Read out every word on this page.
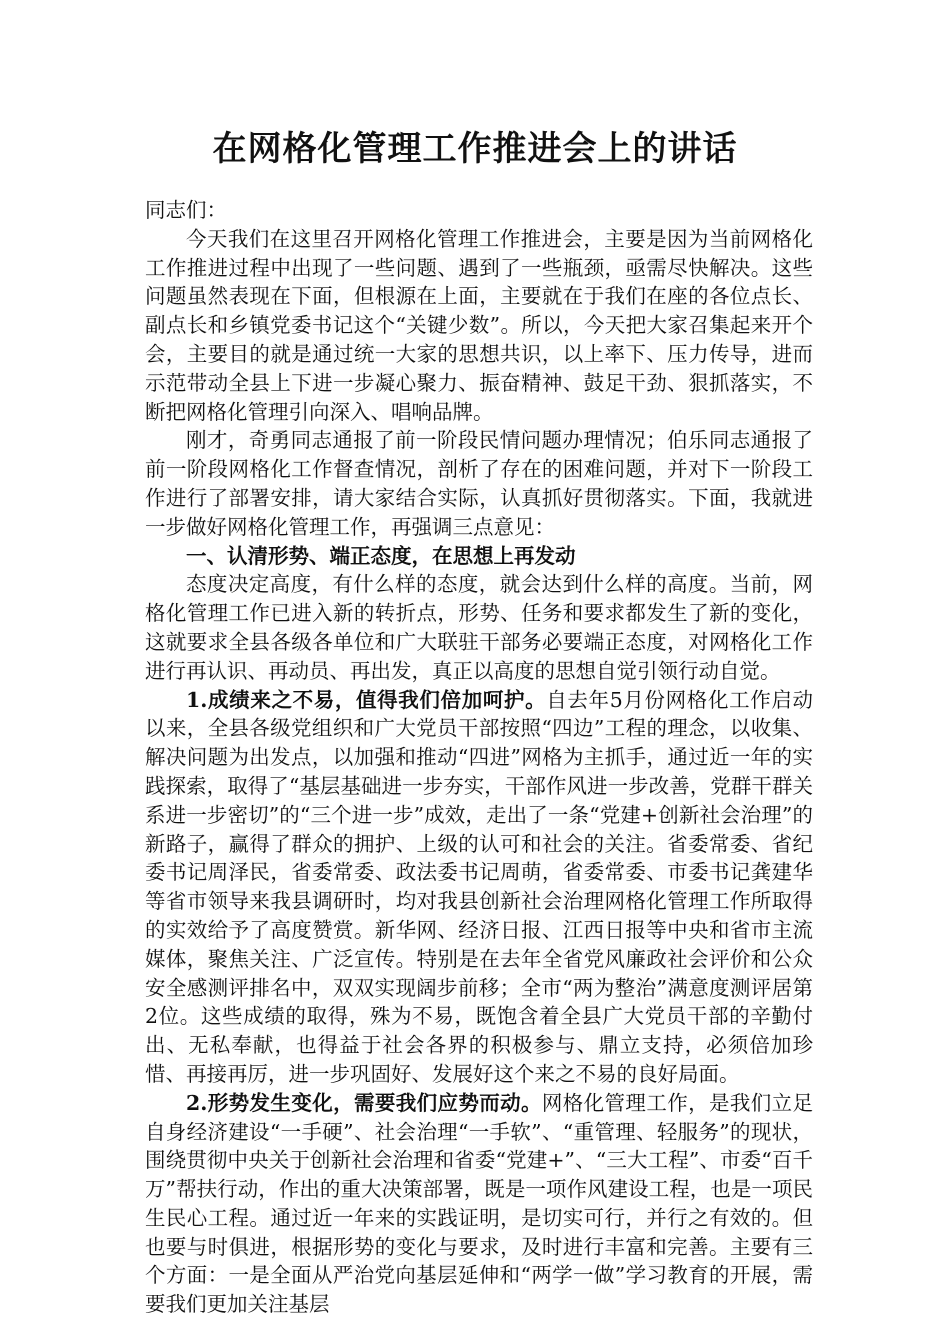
在网格化管理工作推进会上的讲话

同志们：

今天我们在这里召开网格化管理工作推进会，主要是因为当前网格化工作推进过程中出现了一些问题、遇到了一些瓶颈，亟需尽快解决。这些问题虽然表现在下面，但根源在上面，主要就在于我们在座的各位点长、副点长和乡镇党委书记这个“关键少数”。所以，今天把大家召集起来开个会，主要目的就是通过统一大家的思想共识，以上率下、压力传导，进而示范带动全县上下进一步凝心聚力、振奋精神、鼓足干劲、狠抓落实，不断把网格化管理引向深入、唱响品牌。

刚才，奇勇同志通报了前一阶段民情问题办理情况；伯乐同志通报了前一阶段网格化工作督查情况，剖析了存在的困难问题，并对下一阶段工作进行了部署安排，请大家结合实际，认真抓好贯彻落实。下面，我就进一步做好网格化管理工作，再强调三点意见：

一、认清形势、端正态度，在思想上再发动

态度决定高度，有什么样的态度，就会达到什么样的高度。当前，网格化管理工作已进入新的转折点，形势、任务和要求都发生了新的变化，这就要求全县各级各单位和广大联驻干部务必要端正态度，对网格化工作进行再认识、再动员、再出发，真正以高度的思想自觉引领行动自觉。

1.成绩来之不易，值得我们倍加呵护。自去年5月份网格化工作启动以来，全县各级党组织和广大党员干部按照“四边”工程的理念，以收集、解决问题为出发点，以加强和推动“四进”网格为主抓手，通过近一年的实践探索，取得了“基层基础进一步夯实，干部作风进一步改善，党群干群关系进一步密切”的“三个进一步”成效，走出了一条“党建+创新社会治理”的新路子，赢得了群众的拥护、上级的认可和社会的关注。省委常委、省纪委书记周泽民，省委常委、政法委书记周萌，省委常委、市委书记龚建华等省市领导来我县调研时，均对我县创新社会治理网格化管理工作所取得的实效给予了高度赞赏。新华网、经济日报、江西日报等中央和省市主流媒体，聚焦关注、广泛宣传。特别是在去年全省党风廉政社会评价和公众安全感测评排名中，双双实现阔步前移；全市“两为整治”满意度测评居第2位。这些成绩的取得，殊为不易，既饱含着全县广大党员干部的辛勤付出、无私奉献，也得益于社会各界的积极参与、鼎立支持，必须倍加珍惜、再接再厉，进一步巩固好、发展好这个来之不易的良好局面。

2.形势发生变化，需要我们应势而动。网格化管理工作，是我们立足自身经济建设“一手硬”、社会治理“一手软”、“重管理、轻服务”的现状，围绕贯彻中央关于创新社会治理和省委“党建+”、“三大工程”、市委“百千万”帮扶行动，作出的重大决策部署，既是一项作风建设工程，也是一项民生民心工程。通过近一年来的实践证明，是切实可行，并行之有效的。但也要与时俱进，根据形势的变化与要求，及时进行丰富和完善。主要有三个方面：一是全面从严治党向基层延伸和“两学一做”学习教育的开展，需要我们更加关注基层
